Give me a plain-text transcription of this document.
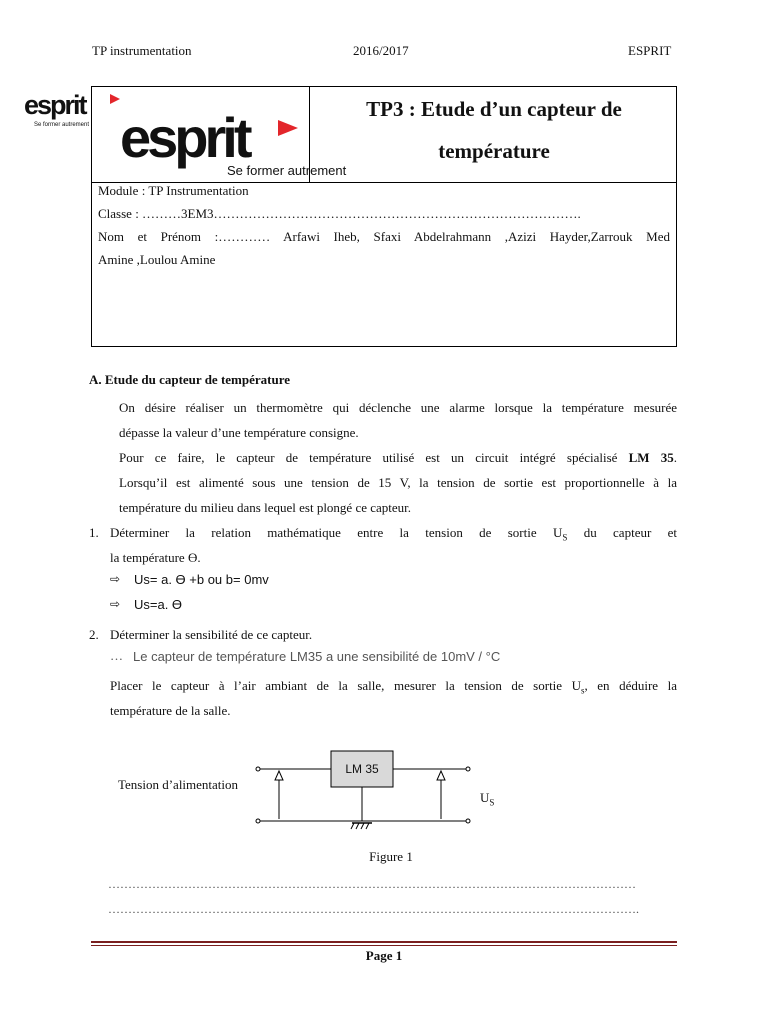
TP instrumentation	2016/2017	ESPRIT
esprit
Se former autrement esprit
Se former autrement
TP3 : Etude d’un capteur de
température
Module : TP Instrumentation
Classe : ………3EM3………………………………………………………………………….
Nom et Prénom :………… Arfawi Iheb, Sfaxi Abdelrahmann ,Azizi Hayder,Zarrouk Med
Amine ,Loulou Amine
A. Etude du capteur de température
On désire réaliser un thermomètre qui déclenche une alarme lorsque la température mesurée
dépasse la valeur d’une température consigne.
Pour ce faire, le capteur de température utilisé est un circuit intégré spécialisé LM 35.
Lorsqu’il est alimenté sous une tension de 15 V, la tension de sortie est proportionnelle à la
température du milieu dans lequel est plongé ce capteur.
1. Déterminer la relation mathématique entre la tension de sortie $U_S$ du capteur et
la température Ө.
⇨ Us= a. Ө +b ou b= 0mv
⇨ Us=a. Ө
2. Déterminer la sensibilité de ce capteur.
… Le capteur de température LM35 a une sensibilité de 10mV / °C
Placer le capteur à l’air ambiant de la salle, mesurer la tension de sortie $U_s$, en déduire la
température de la salle.
LM 35
Tension d’alimentation
$U_S$
Figure 1
……………………………………………………………………………………………………………………
…………………………………………………………………………………………………………………….
Page 1
